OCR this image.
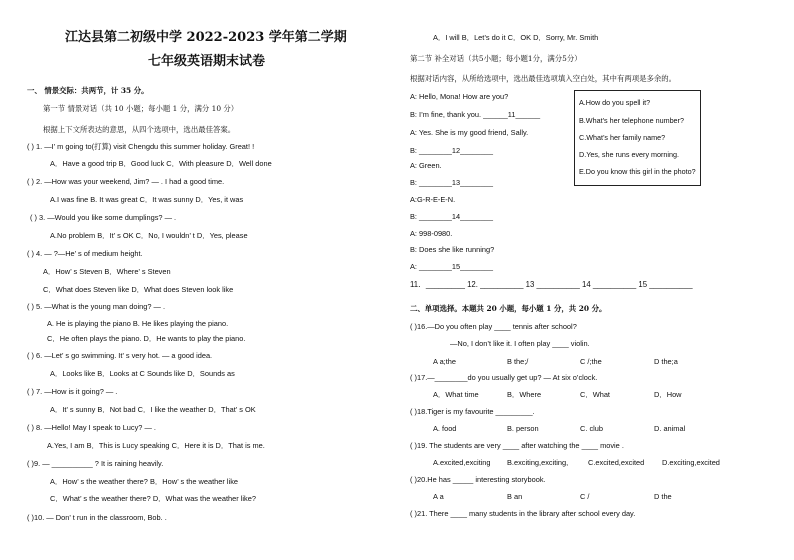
江达县第二初级中学 2022-2023 学年第二学期
七年级英语期末试卷
一、 情景交际：共两节，计 35 分。
第一节 情景对话（共 10 小题；每小题 1 分，满分 10 分）
根据上下文所表达的意思，从四个选项中，选出最佳答案。
( ) 1. —I’ m going to(打算) visit Chengdu this summer holiday. Great! !
A．Have a good trip B．Good luck C．With pleasure D．Well done
( ) 2. —How was your weekend, Jim? — . I had a good time.
A.I was fine B. It was great C．It was sunny D．Yes, it was
( ) 3. —Would you like some dumplings? — .
A.No problem B．It’ s OK C．No, I wouldn’ t D．Yes, please
( ) 4. — ?—He’ s of medium height.
A．How’ s Steven B．Where’ s Steven
C．What does Steven like D．What does Steven look like
( ) 5. —What is the young man doing? — .
A. He is playing the piano B. He likes playing the piano.
C．He often plays the piano. D．He wants to play the piano.
( ) 6. —Let’ s go swimming. It’ s very hot. — a good idea.
A．Looks like B．Looks at C Sounds like D．Sounds as
( ) 7. —How is it going? — .
A．It’ s sunny B．Not bad C．I like the weather D．That’ s OK
( ) 8. —Hello! May I speak to Lucy? — .
A.Yes, I am B．This is Lucy speaking C．Here it is D．That is me.
( )9. — __________ ? It is raining heavily.
A．How’ s the weather there? B．How’ s the weather like
C．What’ s the weather there? D．What was the weather like?
( )10. — Don’ t run in the classroom, Bob. .
A．I will B．Let’s do it C．OK D．Sorry, Mr. Smith
第二节 补全对话（共5小题；每小题1分，满分5分）
根据对话内容，从所给选项中，选出最佳选项填入空白处，其中有两项是多余的。
A: Hello, Mona! How are you?
B: I’m fine, thank you. ______11______
A: Yes. She is my good friend, Sally.
B: ________12________
A: Green.
B: ________13________
A:G-R-E-E-N.
B: ________14________
A: 998-0980.
B: Does she like running?
A: ________15________
11．_________ 12. __________ 13 __________ 14 __________ 15 __________
二、单项选择。本题共 20 小题，每小题 1 分，共 20 分。
( )16.—Do you often play ____ tennis after school?
—No, I don’t like it. I often play ____ violin.
A a;the	B the;/	C /;the	D the;a
( )17.—________do you usually get up? — At six o’clock.
A．What time	B．Where	C．What	D．How
( )18.Tiger is my favourite _________.
A. food	B. person	C. club	D. animal
( )19. The students are very ____ after watching the ____ movie .
A.excited,exciting B.exciting,exciting,	C.excited,excited D.exciting,excited
( )20.He has _____ interesting storybook.
A a	B an	C /	D the
( )21. There ____ many students in the library after school every day.
A.How do you spell it?
B.What’s her telephone number?
C.What’s her family name?
D.Yes, she runs every morning.
E.Do you know this girl in the photo?
